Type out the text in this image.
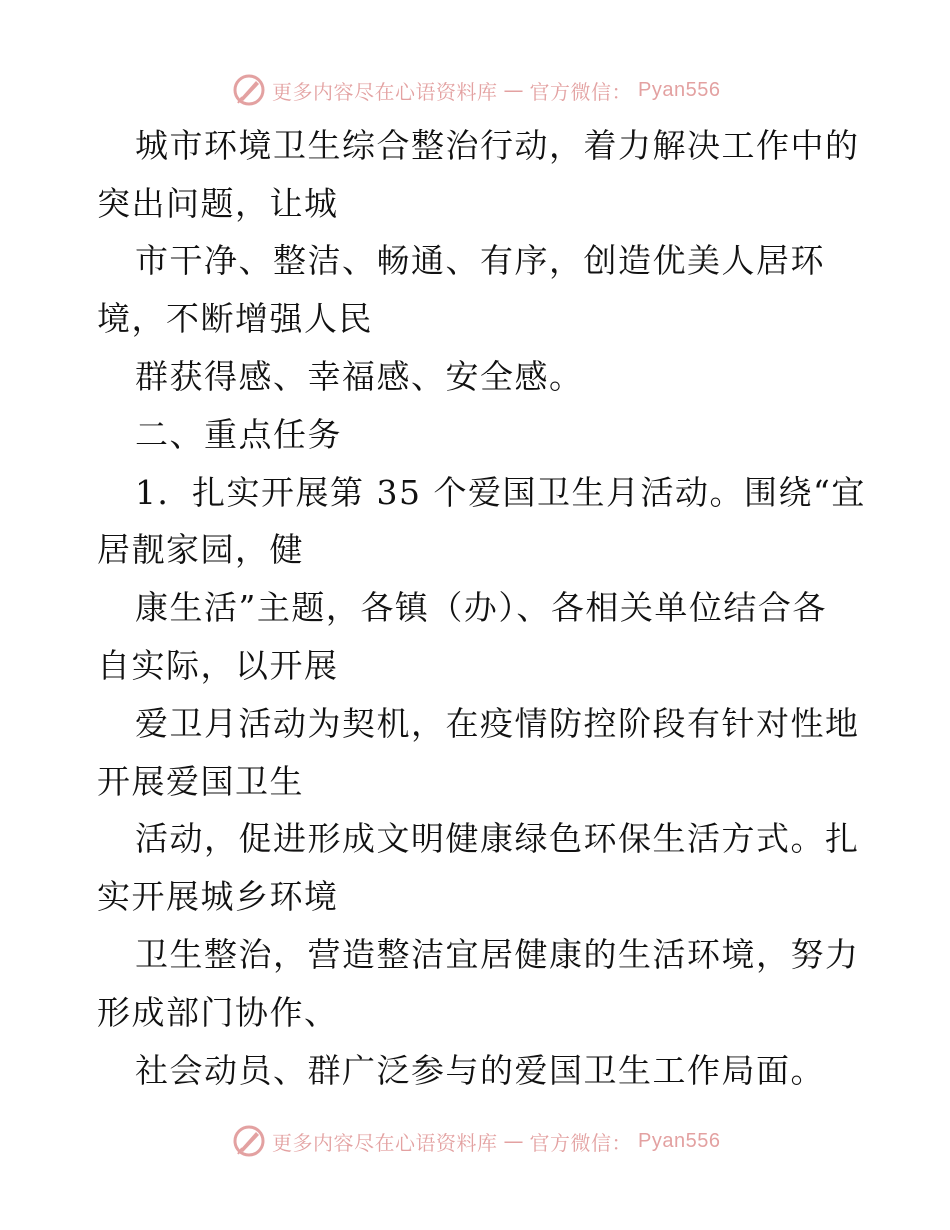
更多内容尽在心语资料库 — 官方微信： Pyan556
城市环境卫生综合整治行动，着力解决工作中的
突出问题，让城
市干净、整洁、畅通、有序，创造优美人居环
境，不断增强人民
群获得感、幸福感、安全感。
二、重点任务
1．扎实开展第 35 个爱国卫生月活动。围绕“宜
居靓家园，健
康生活”主题，各镇（办）、各相关单位结合各
自实际，以开展
爱卫月活动为契机，在疫情防控阶段有针对性地
开展爱国卫生
活动，促进形成文明健康绿色环保生活方式。扎
实开展城乡环境
卫生整治，营造整洁宜居健康的生活环境，努力
形成部门协作、
社会动员、群广泛参与的爱国卫生工作局面。
更多内容尽在心语资料库 — 官方微信： Pyan556
